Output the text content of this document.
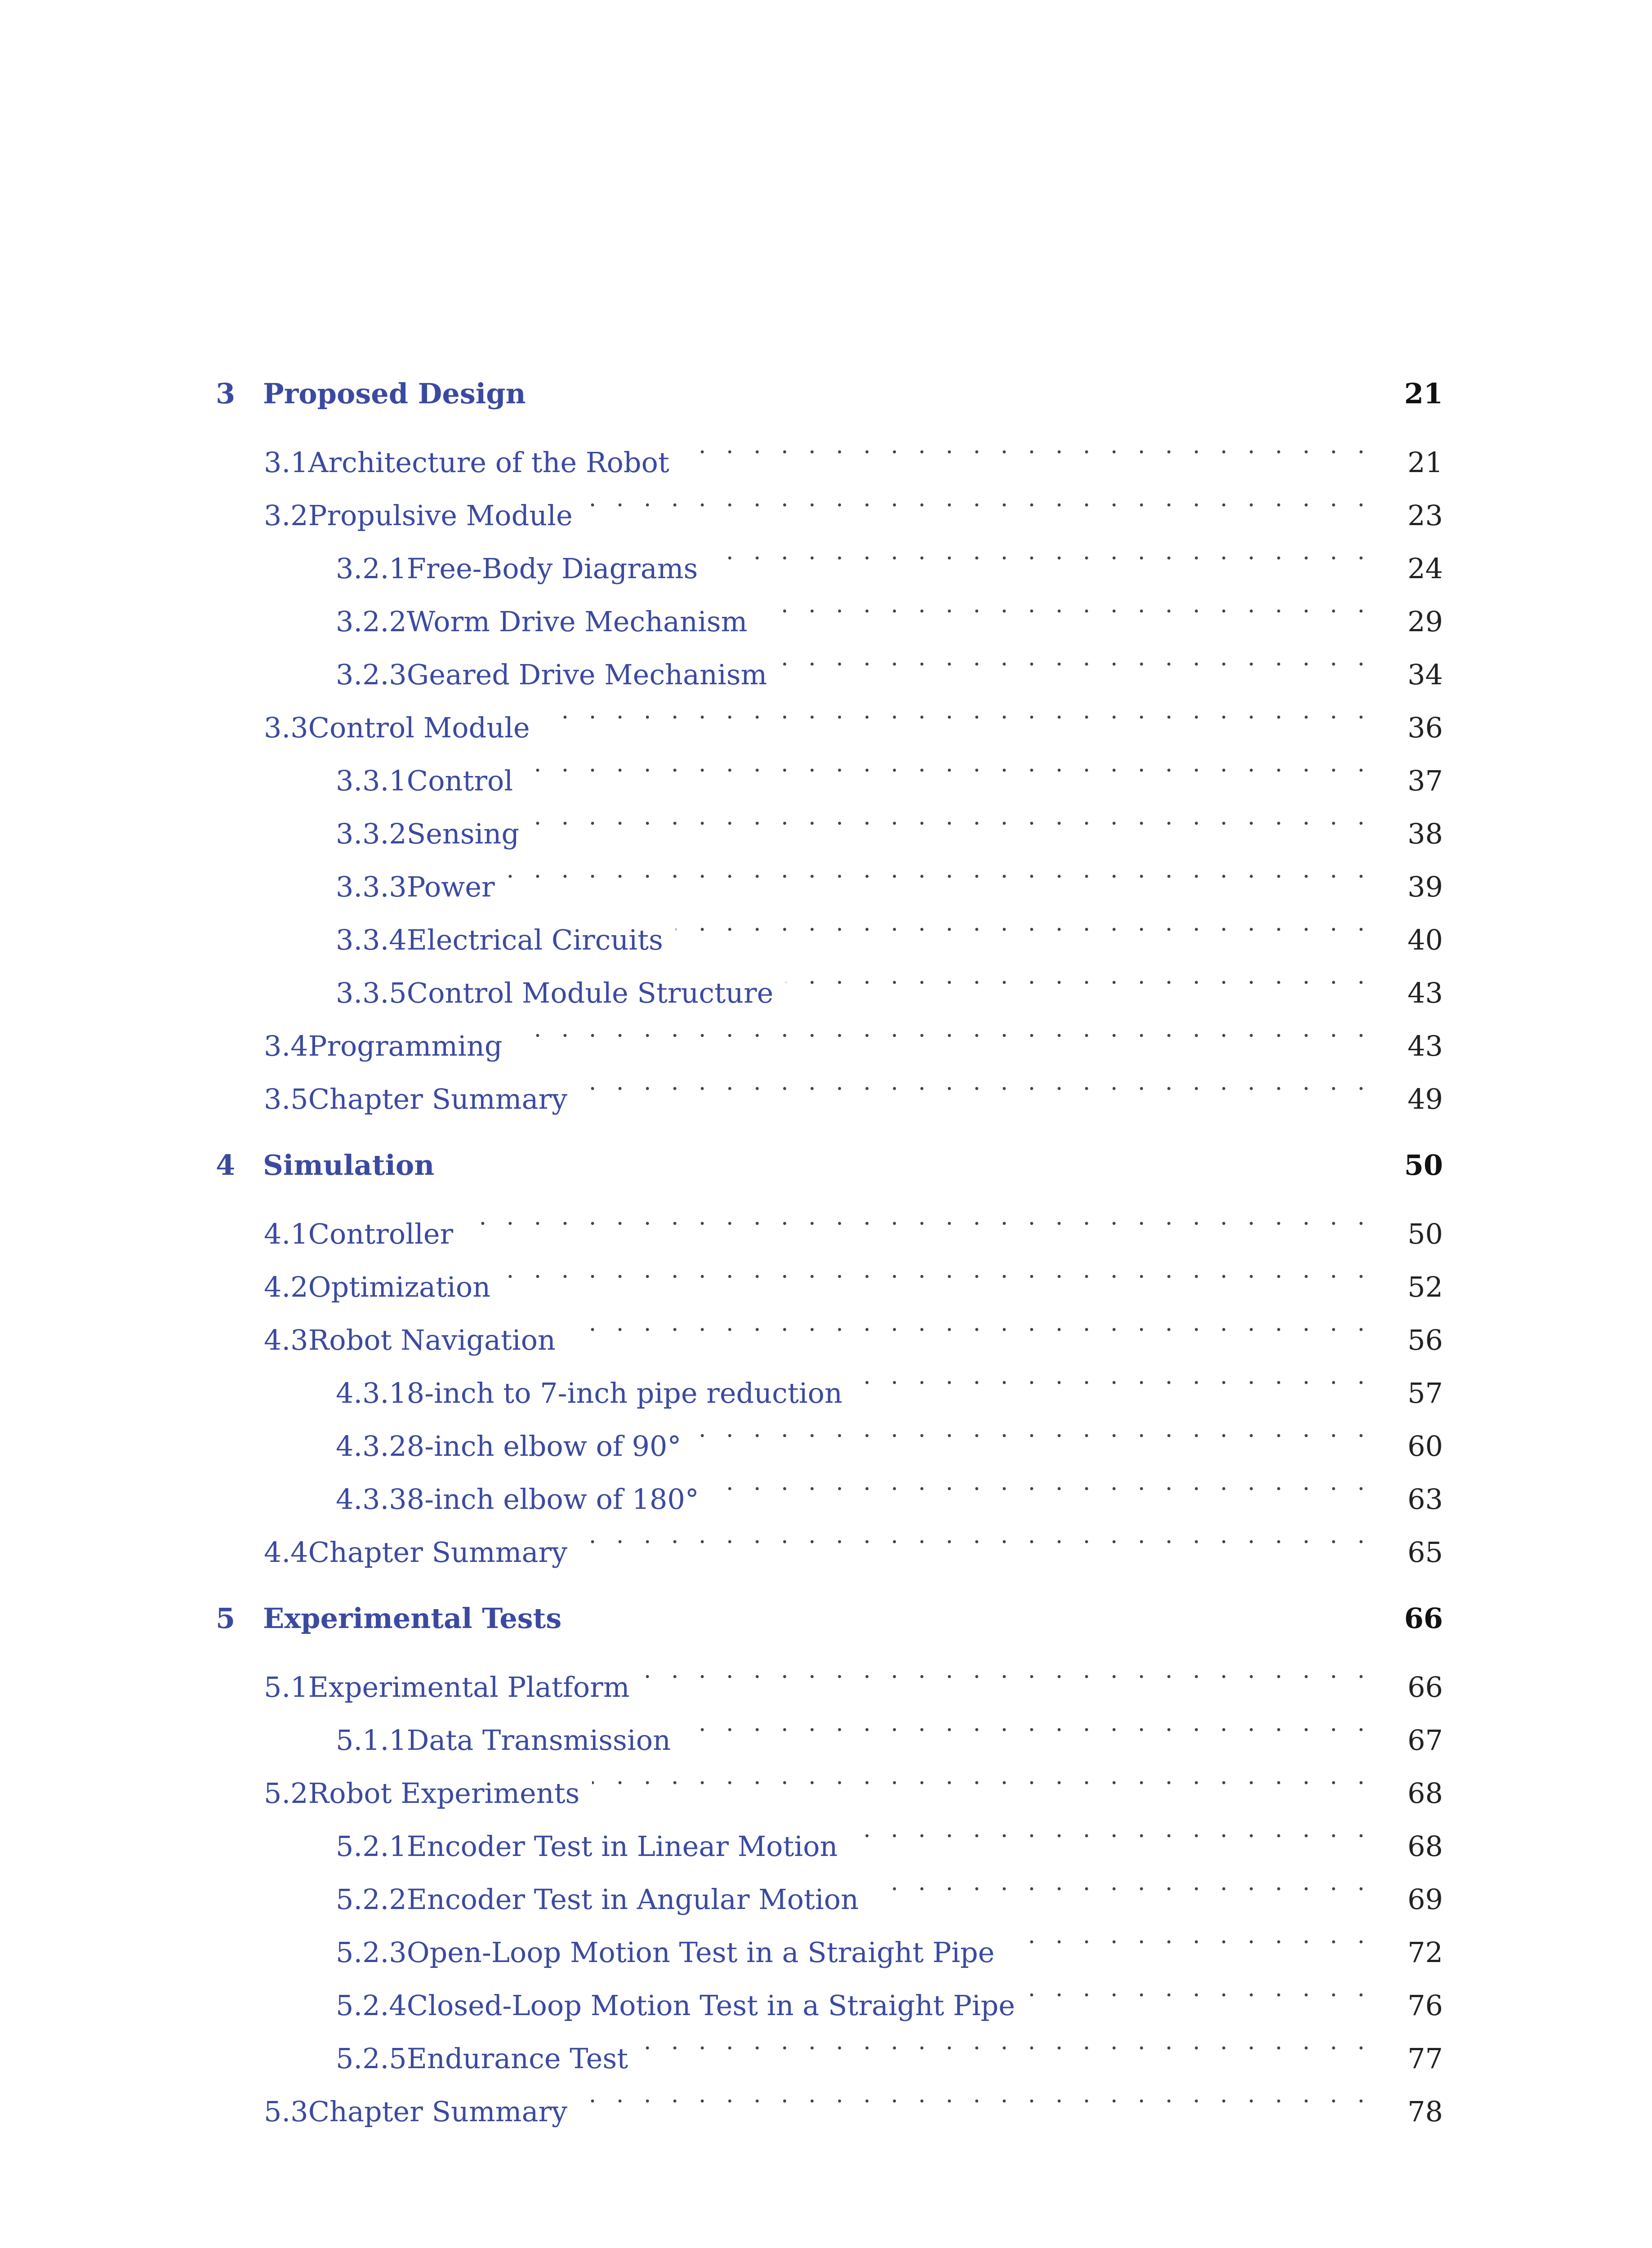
3 Proposed Design	21
3.1 Architecture of the Robot . . .	21
3.2 Propulsive Module . . .	23
3.2.1 Free-Body Diagrams . . .	24
3.2.2 Worm Drive Mechanism . . .	29
3.2.3 Geared Drive Mechanism . . .	34
3.3 Control Module . . .	36
3.3.1 Control . . .	37
3.3.2 Sensing . . .	38
3.3.3 Power . . .	39
3.3.4 Electrical Circuits . . .	40
3.3.5 Control Module Structure . . .	43
3.4 Programming . . .	43
3.5 Chapter Summary . . .	49
4 Simulation	50
4.1 Controller . . .	50
4.2 Optimization . . .	52
4.3 Robot Navigation . . .	56
4.3.1 8-inch to 7-inch pipe reduction . . .	57
4.3.2 8-inch elbow of 90° . . .	60
4.3.3 8-inch elbow of 180° . . .	63
4.4 Chapter Summary . . .	65
5 Experimental Tests	66
5.1 Experimental Platform . . .	66
5.1.1 Data Transmission . . .	67
5.2 Robot Experiments . . .	68
5.2.1 Encoder Test in Linear Motion . . .	68
5.2.2 Encoder Test in Angular Motion . . .	69
5.2.3 Open-Loop Motion Test in a Straight Pipe . . .	72
5.2.4 Closed-Loop Motion Test in a Straight Pipe . . .	76
5.2.5 Endurance Test . . .	77
5.3 Chapter Summary . . .	78
